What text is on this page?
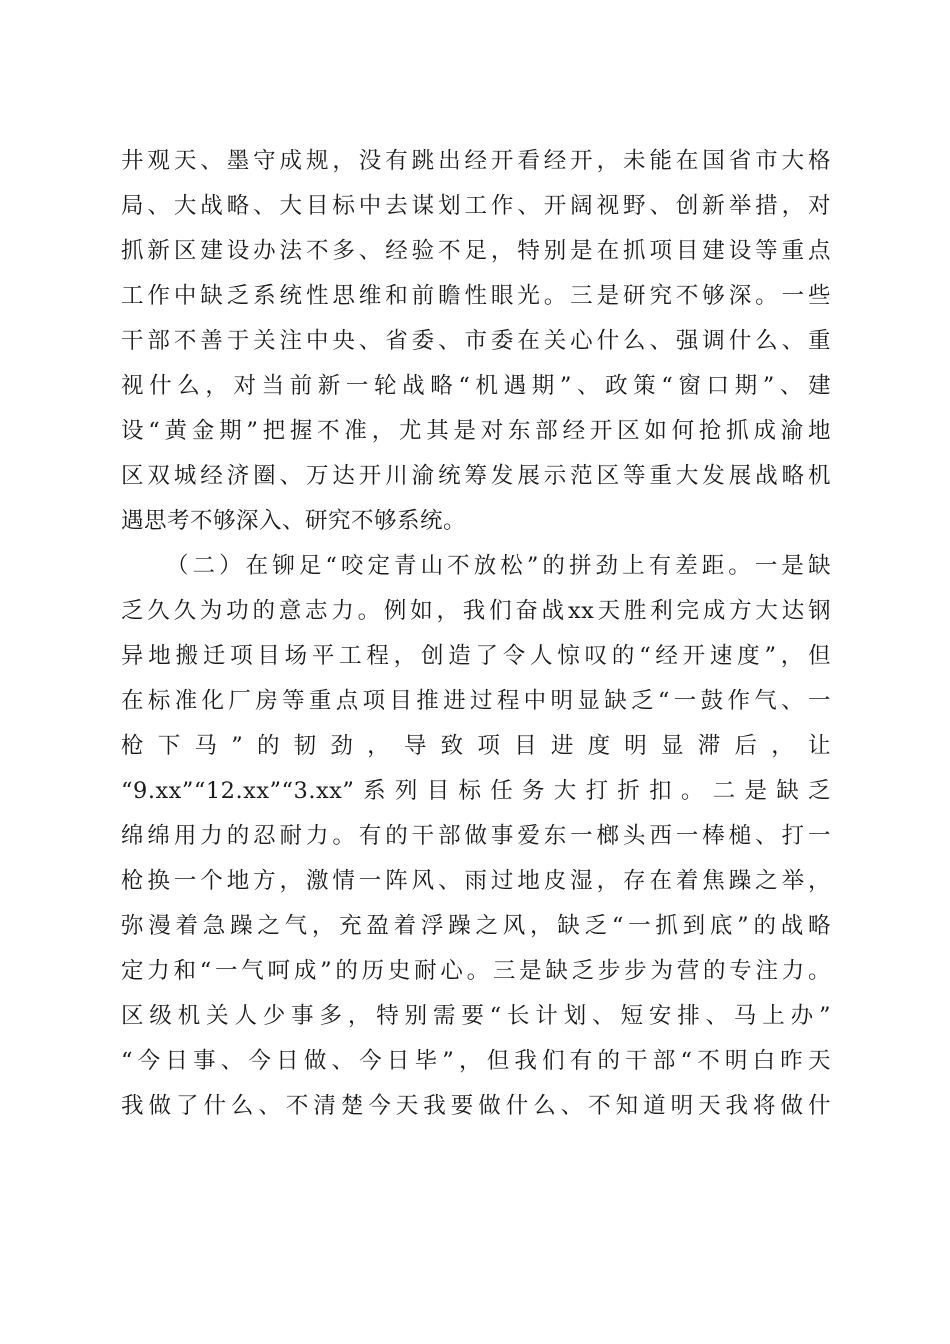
井观天、墨守成规，没有跳出经开看经开，未能在国省市大格
局、大战略、大目标中去谋划工作、开阔视野、创新举措，对
抓新区建设办法不多、经验不足，特别是在抓项目建设等重点
工作中缺乏系统性思维和前瞻性眼光。三是研究不够深。一些
干部不善于关注中央、省委、市委在关心什么、强调什么、重
视什么，对当前新一轮战略“机遇期”、政策“窗口期”、建
设“黄金期”把握不准，尤其是对东部经开区如何抢抓成渝地
区双城经济圈、万达开川渝统筹发展示范区等重大发展战略机
遇思考不够深入、研究不够系统。
（二）在铆足“咬定青山不放松”的拼劲上有差距。一是缺
乏久久为功的意志力。例如，我们奋战xx天胜利完成方大达钢
异地搬迁项目场平工程，创造了令人惊叹的“经开速度”，但
在标准化厂房等重点项目推进过程中明显缺乏“一鼓作气、一
枪下马”的韧劲，导致项目进度明显滞后，让
“9.xx”“12.xx”“3.xx”系列目标任务大打折扣。二是缺乏
绵绵用力的忍耐力。有的干部做事爱东一榔头西一棒槌、打一
枪换一个地方，激情一阵风、雨过地皮湿，存在着焦躁之举，
弥漫着急躁之气，充盈着浮躁之风，缺乏“一抓到底”的战略
定力和“一气呵成”的历史耐心。三是缺乏步步为营的专注力。
区级机关人少事多，特别需要“长计划、短安排、马上办”
“今日事、今日做、今日毕”，但我们有的干部“不明白昨天
我做了什么、不清楚今天我要做什么、不知道明天我将做什
